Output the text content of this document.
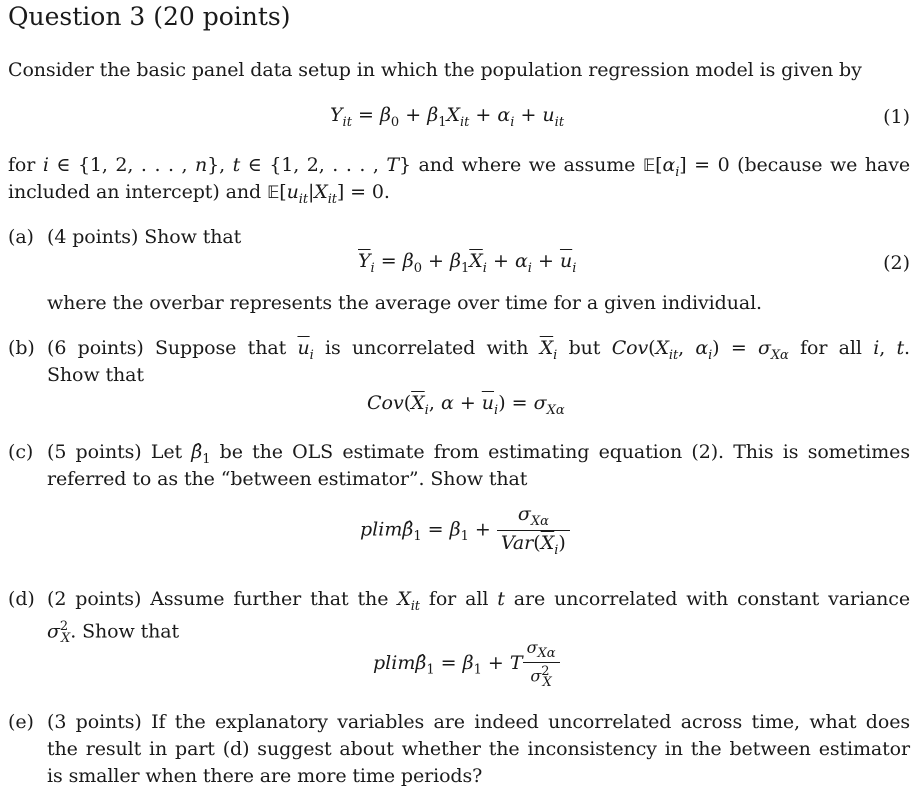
Question 3 (20 points)
Consider the basic panel data setup in which the population regression model is given by
$Y_{it} = \beta_0 + \beta_1X_{it} + \alpha_i + u_{it}$	(1)
for i ∈ {1, 2, . . . , n}, t ∈ {1, 2, . . . , T} and where we assume $𝔼[\alpha_i] = 0$ (because we have
included an intercept) and $𝔼[u_{it}|X_{it}] = 0$.
(a) (4 points) Show that
$\overline{Y}_i = \beta_0 + \beta_1\overline{X}_i + \alpha_i + \overline{u}_i$	(2)
where the overbar represents the average over time for a given individual.
(b) (6 points) Suppose that $\overline{u}_i$ is uncorrelated with $\overline{X}_i$ but $Cov(X_{it}$, $\alpha_i) = \sigma_{X\alpha}$ for all i, t.
Show that
$Cov(\overline{X}_i$, $\alpha + \overline{u}_i) = \sigma_{X\alpha}$
(c) (5 points) Let $\betâ_1$ be the OLS estimate from estimating equation (2). This is sometimes
referred to as the “between estimator”. Show that
$plim\betâ_1 = \beta_1 + \frac{\sigma_{X\alpha}}{Var(\overline{X}_i)}$
(d) (2 points) Assume further that the $X_{it}$ for all t are uncorrelated with constant variance
$\sigma^2_X$. Show that
$plim\betâ_1 = \beta_1 + T \frac{\sigma_{X\alpha}}{\sigma^2_X}$
(e) (3 points) If the explanatory variables are indeed uncorrelated across time, what does
the result in part (d) suggest about whether the inconsistency in the between estimator
is smaller when there are more time periods?
